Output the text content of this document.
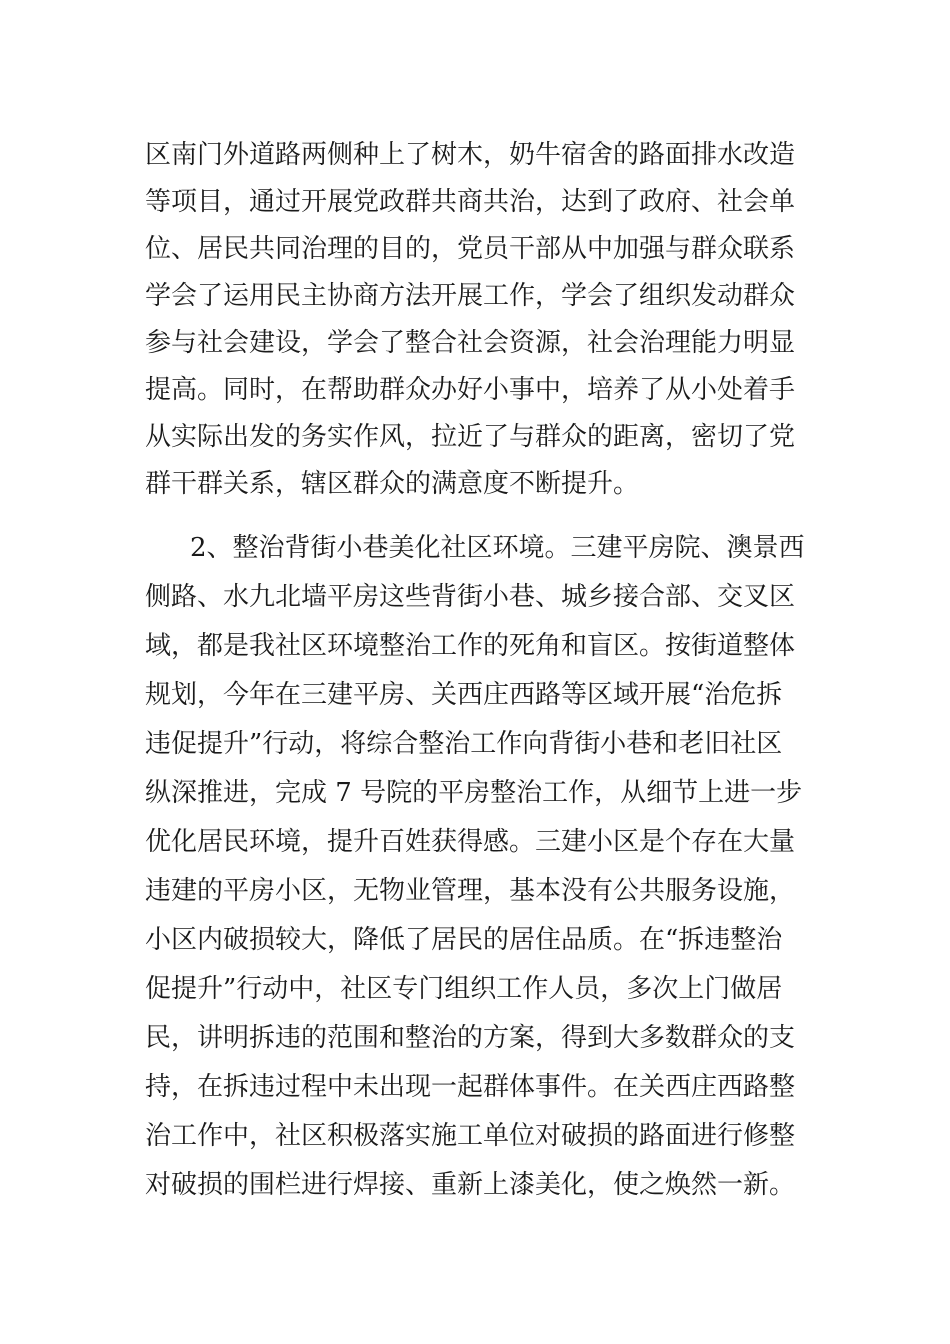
区南门外道路两侧种上了树木，奶牛宿舍的路面排水改造
等项目，通过开展党政群共商共治，达到了政府、社会单
位、居民共同治理的目的，党员干部从中加强与群众联系
学会了运用民主协商方法开展工作，学会了组织发动群众
参与社会建设，学会了整合社会资源，社会治理能力明显
提高。同时，在帮助群众办好小事中，培养了从小处着手
从实际出发的务实作风，拉近了与群众的距离，密切了党
群干群关系，辖区群众的满意度不断提升。
2、整治背街小巷美化社区环境。三建平房院、澳景西
侧路、水九北墙平房这些背街小巷、城乡接合部、交叉区
域，都是我社区环境整治工作的死角和盲区。按街道整体
规划，今年在三建平房、关西庄西路等区域开展“治危拆
违促提升”行动，将综合整治工作向背街小巷和老旧社区
纵深推进，完成 7 号院的平房整治工作，从细节上进一步
优化居民环境，提升百姓获得感。三建小区是个存在大量
违建的平房小区，无物业管理，基本没有公共服务设施，
小区内破损较大，降低了居民的居住品质。在“拆违整治
促提升”行动中，社区专门组织工作人员，多次上门做居
民，讲明拆违的范围和整治的方案，得到大多数群众的支
持，在拆违过程中未出现一起群体事件。在关西庄西路整
治工作中，社区积极落实施工单位对破损的路面进行修整
对破损的围栏进行焊接、重新上漆美化，使之焕然一新。
